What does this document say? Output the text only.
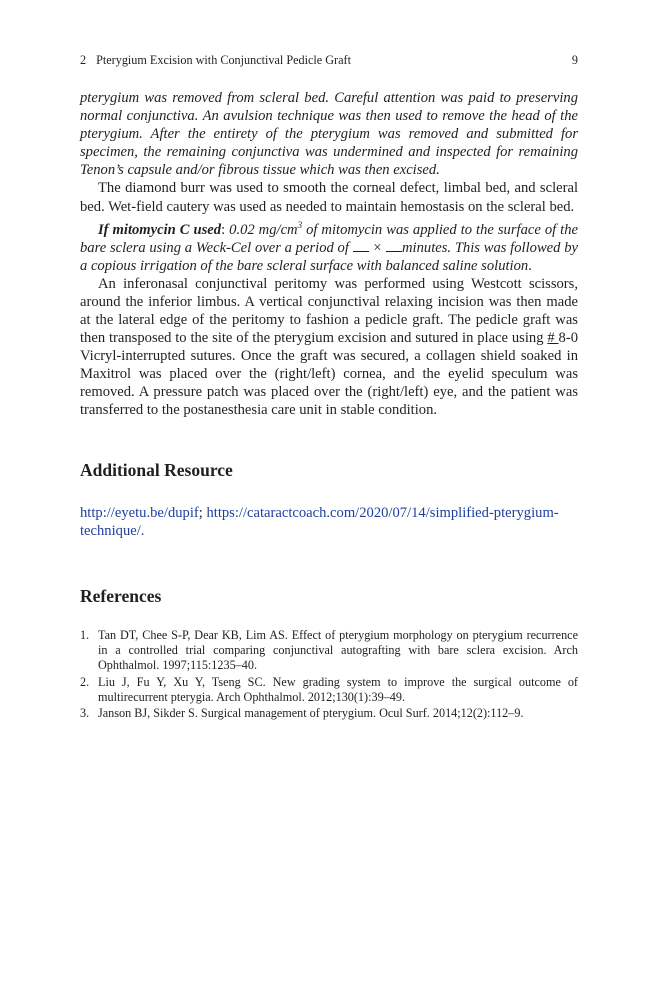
2 Pterygium Excision with Conjunctival Pedicle Graft	9

pterygium was removed from scleral bed. Careful attention was paid to preserving normal conjunctiva. An avulsion technique was then used to remove the head of the pterygium. After the entirety of the pterygium was removed and submitted for specimen, the remaining conjunctiva was undermined and inspected for remaining Tenon’s capsule and/or fibrous tissue which was then excised.

The diamond burr was used to smooth the corneal defect, limbal bed, and scleral bed. Wet-field cautery was used as needed to maintain hemostasis on the scleral bed.

If mitomycin C used: 0.02 $mg/cm^3$ of mitomycin was applied to the surface of the bare sclera using a Weck-Cel over a period of  × minutes. This was followed by a copious irrigation of the bare scleral surface with balanced saline solution.

An inferonasal conjunctival peritomy was performed using Westcott scissors, around the inferior limbus. A vertical conjunctival relaxing incision was then made at the lateral edge of the peritomy to fashion a pedicle graft. The pedicle graft was then transposed to the site of the pterygium excision and sutured in place using # 8-0 Vicryl-interrupted sutures. Once the graft was secured, a collagen shield soaked in Maxitrol was placed over the (right/left) cornea, and the eyelid speculum was removed. A pressure patch was placed over the (right/left) eye, and the patient was transferred to the postanesthesia care unit in stable condition.

Additional Resource
http://eyetu.be/dupif; https://cataractcoach.com/2020/07/14/simplified-pterygium-technique/.
References
1. Tan DT, Chee S-P, Dear KB, Lim AS. Effect of pterygium morphology on pterygium recurrence in a controlled trial comparing conjunctival autografting with bare sclera excision. Arch Ophthalmol. 1997;115:1235–40.
2. Liu J, Fu Y, Xu Y, Tseng SC. New grading system to improve the surgical outcome of multirecurrent pterygia. Arch Ophthalmol. 2012;130(1):39–49.
3. Janson BJ, Sikder S. Surgical management of pterygium. Ocul Surf. 2014;12(2):112–9.
